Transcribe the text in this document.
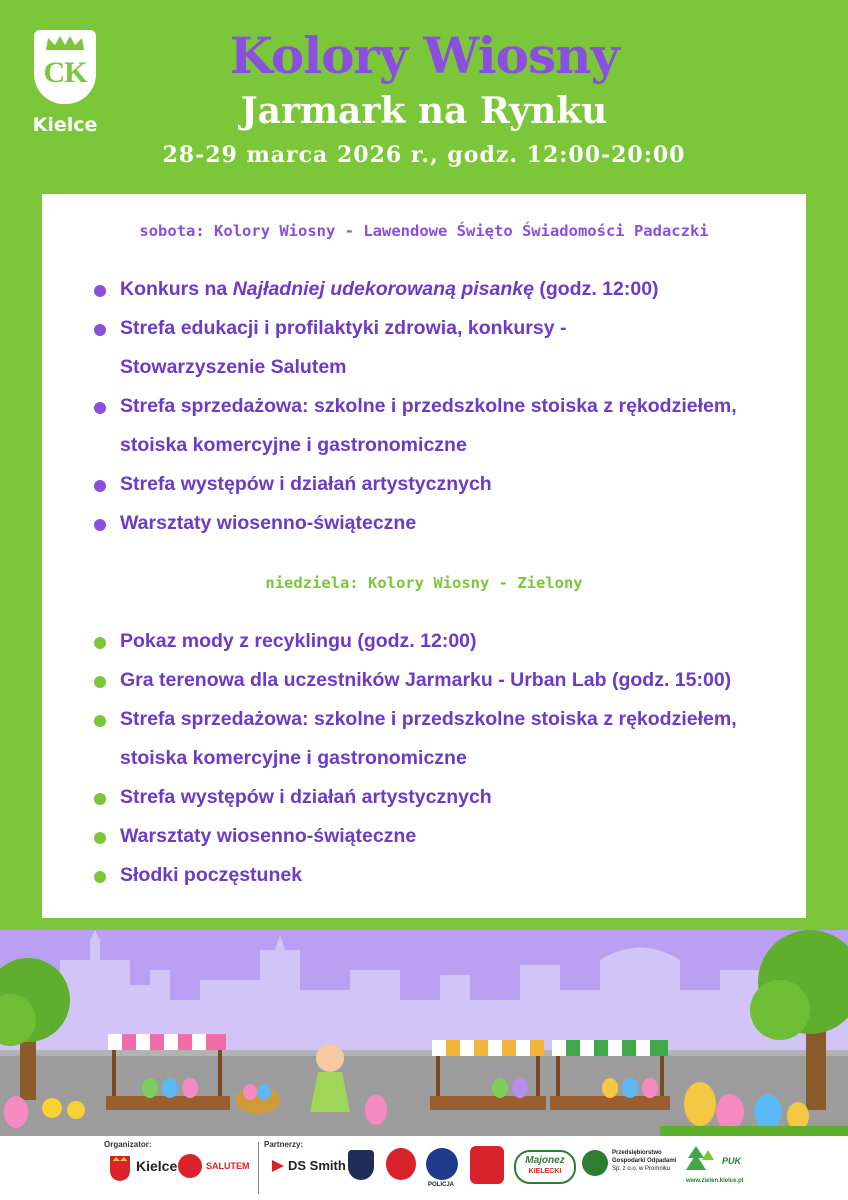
CK
Kielce
Kolory Wiosny
Jarmark na Rynku
28-29 marca 2026 r., godz. 12:00-20:00
sobota: Kolory Wiosny - Lawendowe Święto Świadomości Padaczki
Konkurs na Najładniej udekorowaną pisankę (godz. 12:00)
Strefa edukacji i profilaktyki zdrowia, konkursy -
Stowarzyszenie Salutem
Strefa sprzedażowa: szkolne i przedszkolne stoiska z rękodziełem,
stoiska komercyjne i gastronomiczne
Strefa występów i działań artystycznych
Warsztaty wiosenno-świąteczne
niedziela: Kolory Wiosny - Zielony
Pokaz mody z recyklingu (godz. 12:00)
Gra terenowa dla uczestników Jarmarku - Urban Lab (godz. 15:00)
Strefa sprzedażowa: szkolne i przedszkolne stoiska z rękodziełem,
stoiska komercyjne i gastronomiczne
Strefa występów i działań artystycznych
Warsztaty wiosenno-świąteczne
Słodki poczęstunek
Organizator:
Kielce	SALUTEM
Partnerzy:
DS Smith
POLICJA
Majonez
KIELECKI
Przedsiębiorstwo
Gospodarki Odpadami
Sp. z o.o. w Promniku
www.zielen.kielce.pl
PUK
